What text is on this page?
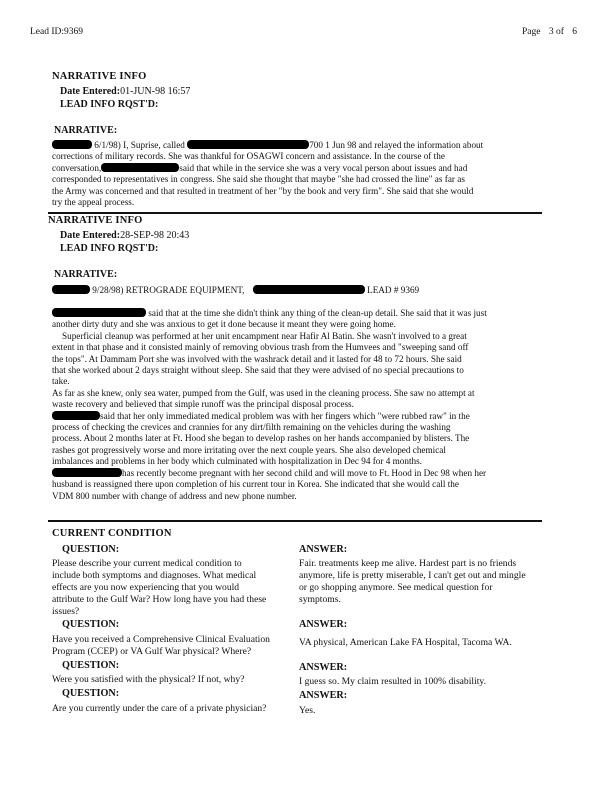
Lead ID:9369	Page 3 of 6
NARRATIVE INFO
Date Entered:01-JUN-98 16:57
LEAD INFO RQST'D:
NARRATIVE:
6/1/98) I, Suprise, called	700 1 Jun 98 and relayed the information about
corrections of military records. She was thankful for OSAGWI concern and assistance. In the course of the
conversation,	said that while in the service she was a very vocal person about issues and had
corresponded to representatives in congress. She said she thought that maybe "she had crossed the line" as far as
the Army was concerned and that resulted in treatment of her "by the book and very firm". She said that she would
try the appeal process.
NARRATIVE INFO
Date Entered:28-SEP-98 20:43
LEAD INFO RQST'D:
NARRATIVE:
9/28/98) RETROGRADE EQUIPMENT,	LEAD # 9369
said that at the time she didn't think any thing of the clean-up detail. She said that it was just
another dirty duty and she was anxious to get it done because it meant they were going home.
Superficial cleanup was performed at her unit encampment near Hafir Al Batin. She wasn't involved to a great
extent in that phase and it consisted mainly of removing obvious trash from the Humvees and "sweeping sand off
the tops". At Dammam Port she was involved with the washrack detail and it lasted for 48 to 72 hours. She said
that she worked about 2 days straight without sleep. She said that they were advised of no special precautions to
take.
As far as she knew, only sea water, pumped from the Gulf, was used in the cleaning process. She saw no attempt at
waste recovery and believed that simple runoff was the principal disposal process.
said that her only immediated medical problem was with her fingers which "were rubbed raw" in the
process of checking the crevices and crannies for any dirt/filth remaining on the vehicles during the washing
process. About 2 months later at Ft. Hood she began to develop rashes on her hands accompanied by blisters. The
rashes got progressively worse and more irritating over the next couple years. She also developed chemical
imbalances and problems in her body which culminated with hospitalization in Dec 94 for 4 months.
has recently become pregnant with her second child and will move to Ft. Hood in Dec 98 when her
husband is reassigned there upon completion of his current tour in Korea. She indicated that she would call the
VDM 800 number with change of address and new phone number.
CURRENT CONDITION
QUESTION:
Please describe your current medical condition to
include both symptoms and diagnoses. What medical
effects are you now experiencing that you would
attribute to the Gulf War? How long have you had these
issues?
ANSWER:
Fair. treatments keep me alive. Hardest part is no friends
anymore, life is pretty miserable, I can't get out and mingle
or go shopping anymore. See medical question for
symptoms.
QUESTION:
Have you received a Comprehensive Clinical Evaluation
Program (CCEP) or VA Gulf War physical? Where?
ANSWER:
VA physical, American Lake FA Hospital, Tacoma WA.
QUESTION:
Were you satisfied with the physical? If not, why?
ANSWER:
I guess so. My claim resulted in 100% disability.
QUESTION:
Are you currently under the care of a private physician?
ANSWER:
Yes.
